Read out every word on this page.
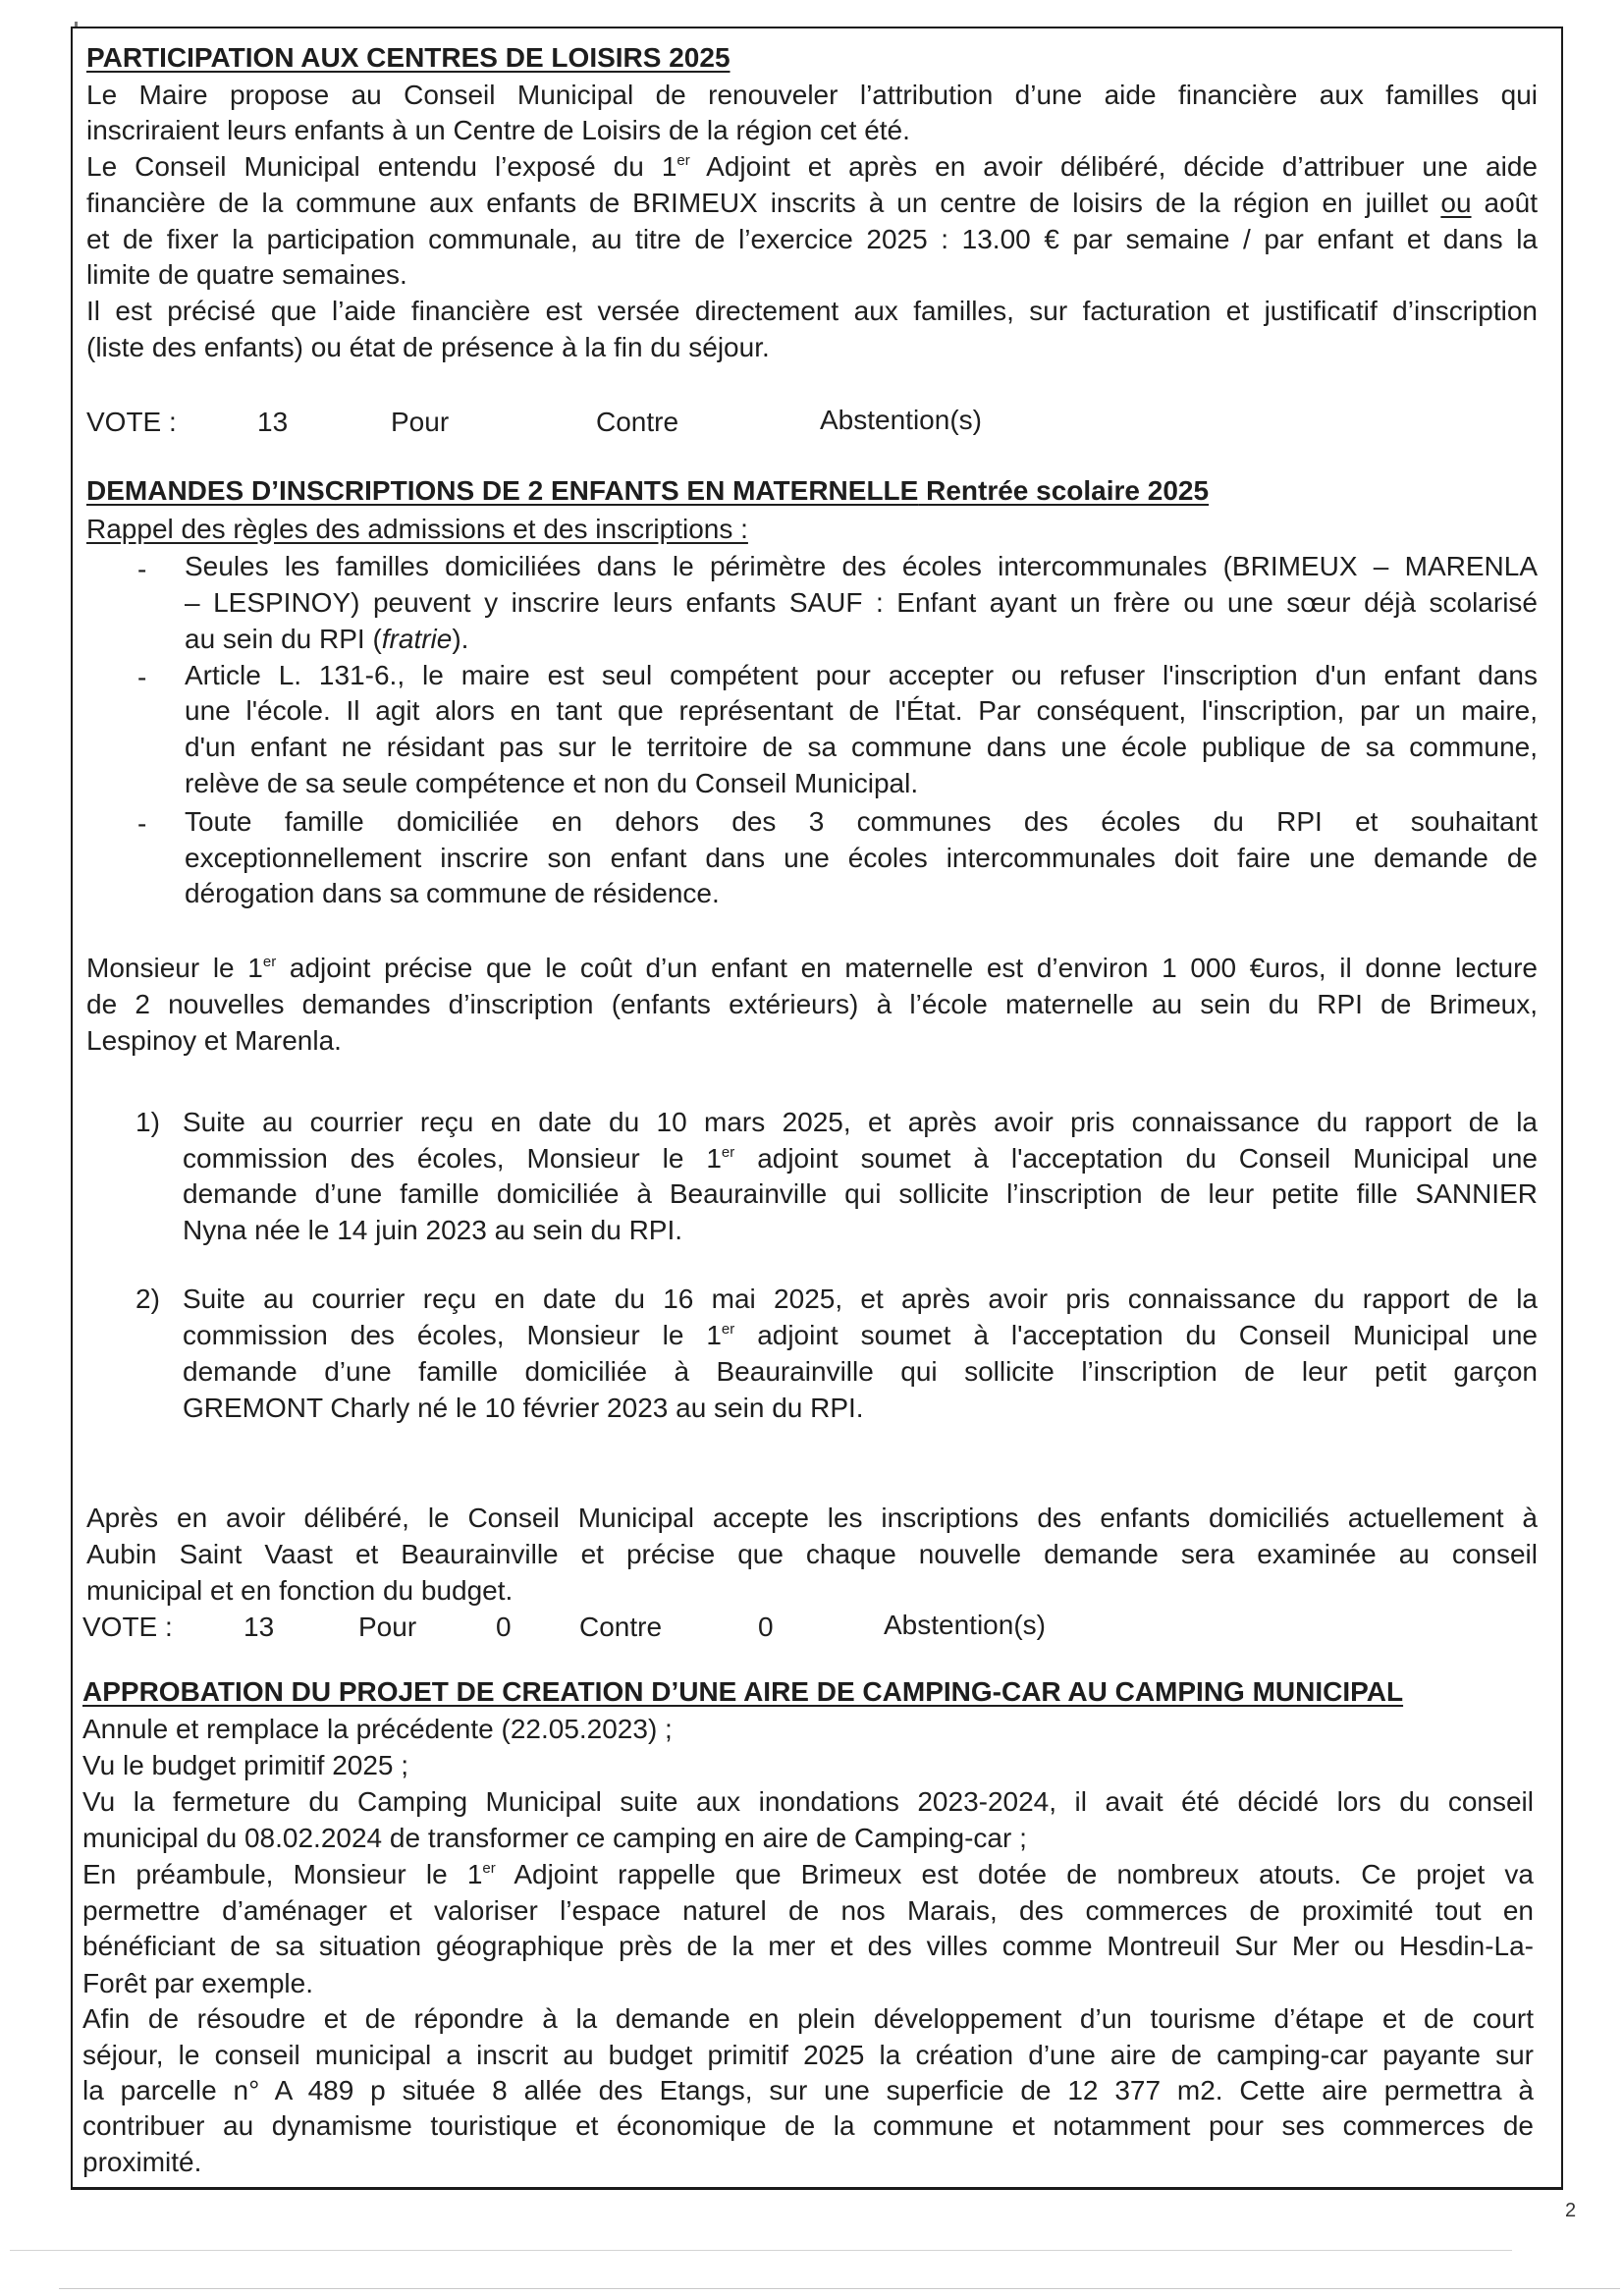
PARTICIPATION AUX CENTRES DE LOISIRS 2025
Le Maire propose au Conseil Municipal de renouveler l’attribution d’une aide financière aux familles qui
inscriraient leurs enfants à un Centre de Loisirs de la région cet été.
Le Conseil Municipal entendu l’exposé du 1er Adjoint et après en avoir délibéré, décide d’attribuer une aide
financière de la commune aux enfants de BRIMEUX inscrits à un centre de loisirs de la région en juillet ou août
et de fixer la participation communale, au titre de l’exercice 2025 : 13.00 € par semaine / par enfant et dans la
limite de quatre semaines.
Il est précisé que l’aide financière est versée directement aux familles, sur facturation et justificatif d’inscription
(liste des enfants) ou état de présence à la fin du séjour.
VOTE :	13	Pour	Contre	Abstention(s)
DEMANDES D’INSCRIPTIONS DE 2 ENFANTS EN MATERNELLE Rentrée scolaire 2025
Rappel des règles des admissions et des inscriptions :
- Seules les familles domiciliées dans le périmètre des écoles intercommunales (BRIMEUX – MARENLA
– LESPINOY) peuvent y inscrire leurs enfants SAUF : Enfant ayant un frère ou une sœur déjà scolarisé
au sein du RPI (fratrie).
- Article L. 131-6., le maire est seul compétent pour accepter ou refuser l'inscription d'un enfant dans
une l'école. Il agit alors en tant que représentant de l'État. Par conséquent, l'inscription, par un maire,
d'un enfant ne résidant pas sur le territoire de sa commune dans une école publique de sa commune,
relève de sa seule compétence et non du Conseil Municipal.
- Toute famille domiciliée en dehors des 3 communes des écoles du RPI et souhaitant
exceptionnellement inscrire son enfant dans une écoles intercommunales doit faire une demande de
dérogation dans sa commune de résidence.
Monsieur le 1er adjoint précise que le coût d’un enfant en maternelle est d’environ 1 000 €uros, il donne lecture
de 2 nouvelles demandes d’inscription (enfants extérieurs) à l’école maternelle au sein du RPI de Brimeux,
Lespinoy et Marenla.
1) Suite au courrier reçu en date du 10 mars 2025, et après avoir pris connaissance du rapport de la
commission des écoles, Monsieur le 1er adjoint soumet à l'acceptation du Conseil Municipal une
demande d’une famille domiciliée à Beaurainville qui sollicite l’inscription de leur petite fille SANNIER
Nyna née le 14 juin 2023 au sein du RPI.
2) Suite au courrier reçu en date du 16 mai 2025, et après avoir pris connaissance du rapport de la
commission des écoles, Monsieur le 1er adjoint soumet à l'acceptation du Conseil Municipal une
demande d’une famille domiciliée à Beaurainville qui sollicite l’inscription de leur petit garçon
GREMONT Charly né le 10 février 2023 au sein du RPI.
Après en avoir délibéré, le Conseil Municipal accepte les inscriptions des enfants domiciliés actuellement à
Aubin Saint Vaast et Beaurainville et précise que chaque nouvelle demande sera examinée au conseil
municipal et en fonction du budget.
VOTE :	13	Pour	0 Contre	0	Abstention(s)
APPROBATION DU PROJET DE CREATION D’UNE AIRE DE CAMPING-CAR AU CAMPING MUNICIPAL
Annule et remplace la précédente (22.05.2023) ;
Vu le budget primitif 2025 ;
Vu la fermeture du Camping Municipal suite aux inondations 2023-2024, il avait été décidé lors du conseil
municipal du 08.02.2024 de transformer ce camping en aire de Camping-car ;
En préambule, Monsieur le 1er Adjoint rappelle que Brimeux est dotée de nombreux atouts. Ce projet va
permettre d’aménager et valoriser l’espace naturel de nos Marais, des commerces de proximité tout en
bénéficiant de sa situation géographique près de la mer et des villes comme Montreuil Sur Mer ou Hesdin-La-
Forêt par exemple.
Afin de résoudre et de répondre à la demande en plein développement d’un tourisme d’étape et de court
séjour, le conseil municipal a inscrit au budget primitif 2025 la création d’une aire de camping-car payante sur
la parcelle n° A 489 p située 8 allée des Etangs, sur une superficie de 12 377 m2. Cette aire permettra à
contribuer au dynamisme touristique et économique de la commune et notamment pour ses commerces de
proximité.
2
